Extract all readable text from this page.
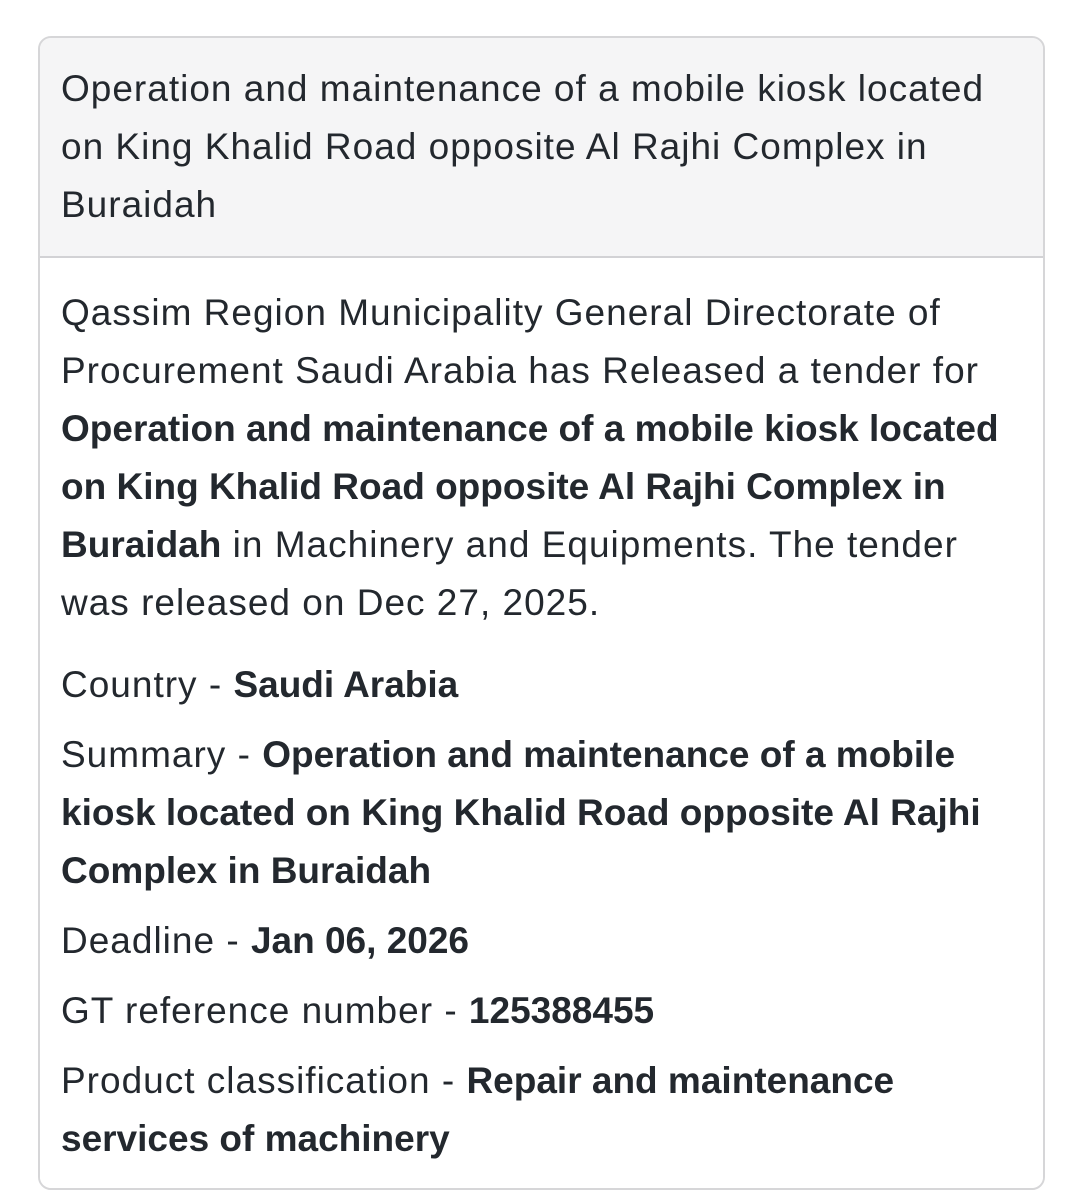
Operation and maintenance of a mobile kiosk located on King Khalid Road opposite Al Rajhi Complex in Buraidah

Qassim Region Municipality General Directorate of Procurement Saudi Arabia has Released a tender for Operation and maintenance of a mobile kiosk located on King Khalid Road opposite Al Rajhi Complex in Buraidah in Machinery and Equipments. The tender was released on Dec 27, 2025.

Country - Saudi Arabia

Summary - Operation and maintenance of a mobile kiosk located on King Khalid Road opposite Al Rajhi Complex in Buraidah

Deadline - Jan 06, 2026

GT reference number - 125388455

Product classification - Repair and maintenance services of machinery
